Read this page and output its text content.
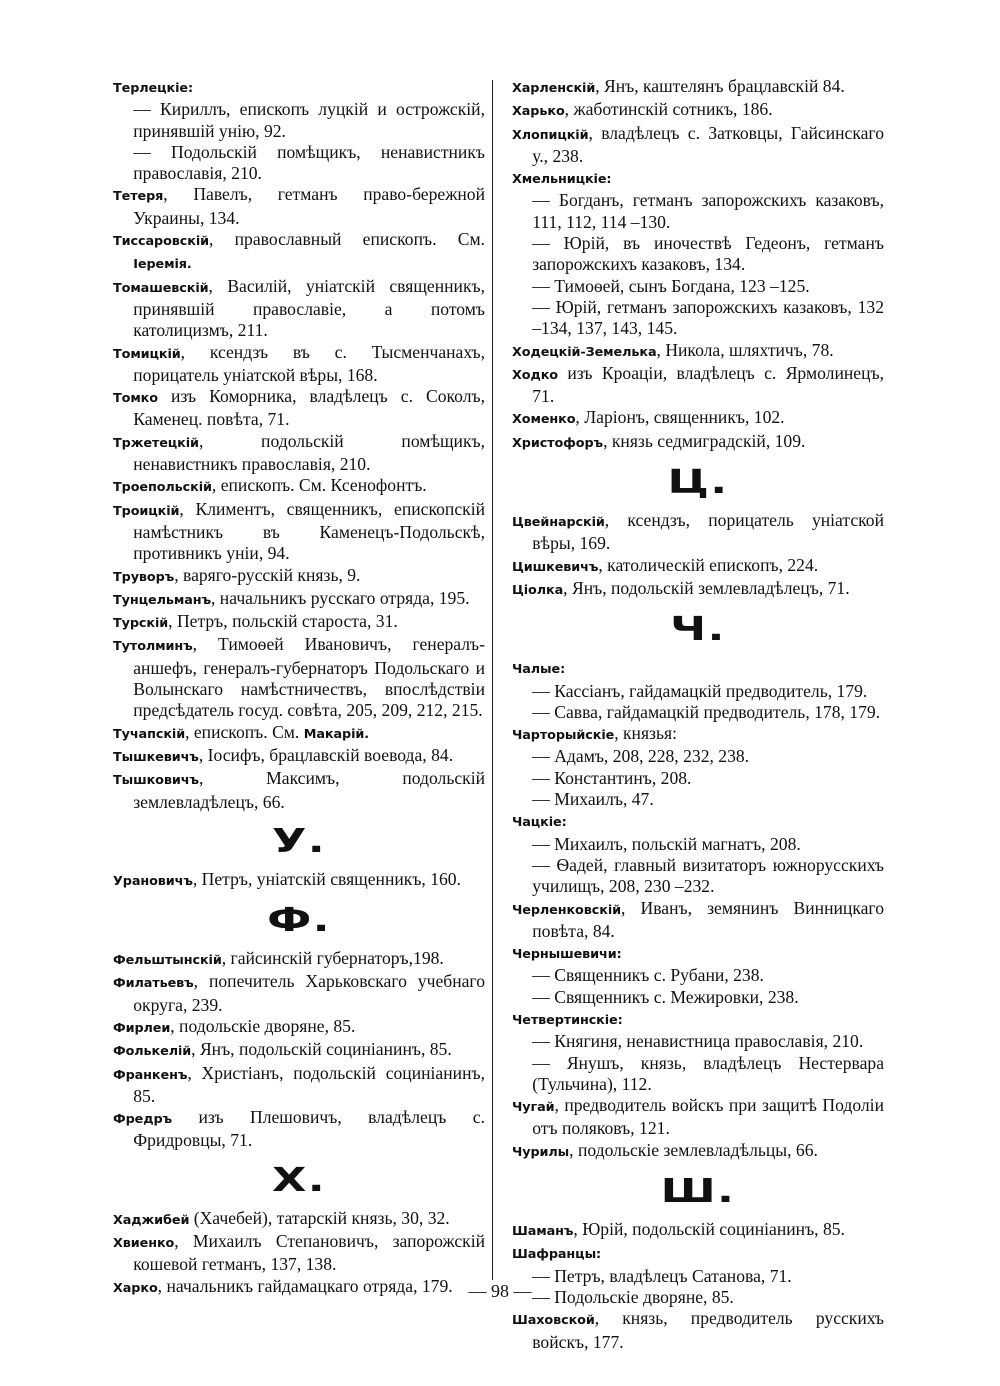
Терлецкіе:
— Кириллъ, епископъ луцкій и острожскій, принявшій унію, 92.
— Подольскій помѣщикъ, ненавистникъ православія, 210.
Тетеря, Павелъ, гетманъ право-бережной Украины, 134.
Тиссаровскій, православный епископъ. См. Іеремія.
Томашевскій, Василій, уніатскій священникъ, принявшій православіе, а потомъ католицизмъ, 211.
Томицкій, ксендзъ въ с. Тысменчанахъ, порицатель уніатской вѣры, 168.
Томко изъ Коморника, владѣлецъ с. Соколъ, Каменец. повѣта, 71.
Тржетецкій, подольскій помѣщикъ, ненавистникъ православія, 210.
Троепольскій, епископъ. См. Ксенофонтъ.
Троицкій, Климентъ, священникъ, епископскій намѣстникъ въ Каменецъ-Подольскѣ, противникъ уніи, 94.
Труворъ, варяго-русскій князь, 9.
Тунцельманъ, начальникъ русскаго отряда, 195.
Турскій, Петръ, польскій староста, 31.
Тутолминъ, Тимоѳей Ивановичъ, генералъ-аншефъ, генералъ-губернаторъ Подольскаго и Волынскаго намѣстничествъ, впослѣдствіи предсѣдатель госуд. совѣта, 205, 209, 212, 215.
Тучапскій, епископъ. См. Макарій.
Тышкевичъ, Іосифъ, брацлавскій воевода, 84.
Тышковичъ, Максимъ, подольскій землевладѣлецъ, 66.
У.
Урановичъ, Петръ, уніатскій священникъ, 160.
Ф.
Фельштынскій, гайсинскій губернаторъ,198.
Филатьевъ, попечитель Харьковскаго учебнаго округа, 239.
Фирлеи, подольскіе дворяне, 85.
Фолькелій, Янъ, подольскій социніанинъ, 85.
Франкенъ, Христіанъ, подольскій социніанинъ, 85.
Фредръ изъ Плешовичъ, владѣлецъ с. Фридровцы, 71.
Х.
Хаджибей (Хачебей), татарскій князь, 30, 32.
Хвиенко, Михаилъ Степановичъ, запорожскій кошевой гетманъ, 137, 138.
Харко, начальникъ гайдамацкаго отряда, 179.
Харленскій, Янъ, каштелянъ брацлавскій 84.
Харько, жаботинскій сотникъ, 186.
Хлопицкій, владѣлецъ с. Затковцы, Гайсинскаго у., 238.
Хмельницкіе:
— Богданъ, гетманъ запорожскихъ казаковъ, 111, 112, 114 –130.
— Юрій, въ иночествѣ Гедеонъ, гетманъ запорожскихъ казаковъ, 134.
— Тимоѳей, сынъ Богдана, 123 –125.
— Юрій, гетманъ запорожскихъ казаковъ, 132 –134, 137, 143, 145.
Ходецкій-Земелька, Никола, шляхтичъ, 78.
Ходко изъ Кроаціи, владѣлецъ с. Ярмолинецъ, 71.
Хоменко, Ларіонъ, священникъ, 102.
Христофоръ, князь седмиградскій, 109.
Ц.
Цвейнарскій, ксендзъ, порицатель уніатской вѣры, 169.
Цишкевичъ, католическій епископъ, 224.
Ціолка, Янъ, подольскій землевладѣлецъ, 71.
Ч.
Чалые:
— Кассіанъ, гайдамацкій предводитель, 179.
— Савва, гайдамацкій предводитель, 178, 179.
Чарторыйскіе, князья:
— Адамъ, 208, 228, 232, 238.
— Константинъ, 208.
— Михаилъ, 47.
Чацкіе:
— Михаилъ, польскій магнатъ, 208.
— Ѳадей, главный визитаторъ южнорусскихъ училищъ, 208, 230 –232.
Черленковскій, Иванъ, земянинъ Винницкаго повѣта, 84.
Чернышевичи:
— Священникъ с. Рубани, 238.
— Священникъ с. Межировки, 238.
Четвертинскіе:
— Княгиня, ненавистница православія, 210.
— Янушъ, князь, владѣлецъ Нестервара (Тульчина), 112.
Чугай, предводитель войскъ при защитѣ Подоліи отъ поляковъ, 121.
Чурилы, подольскіе землевладѣльцы, 66.
Ш.
Шаманъ, Юрій, подольскій социніанинъ, 85.
Шафранцы:
— Петръ, владѣлецъ Сатанова, 71.
— Подольскіе дворяне, 85.
Шаховской, князь, предводитель русскихъ войскъ, 177.
— 98 —
